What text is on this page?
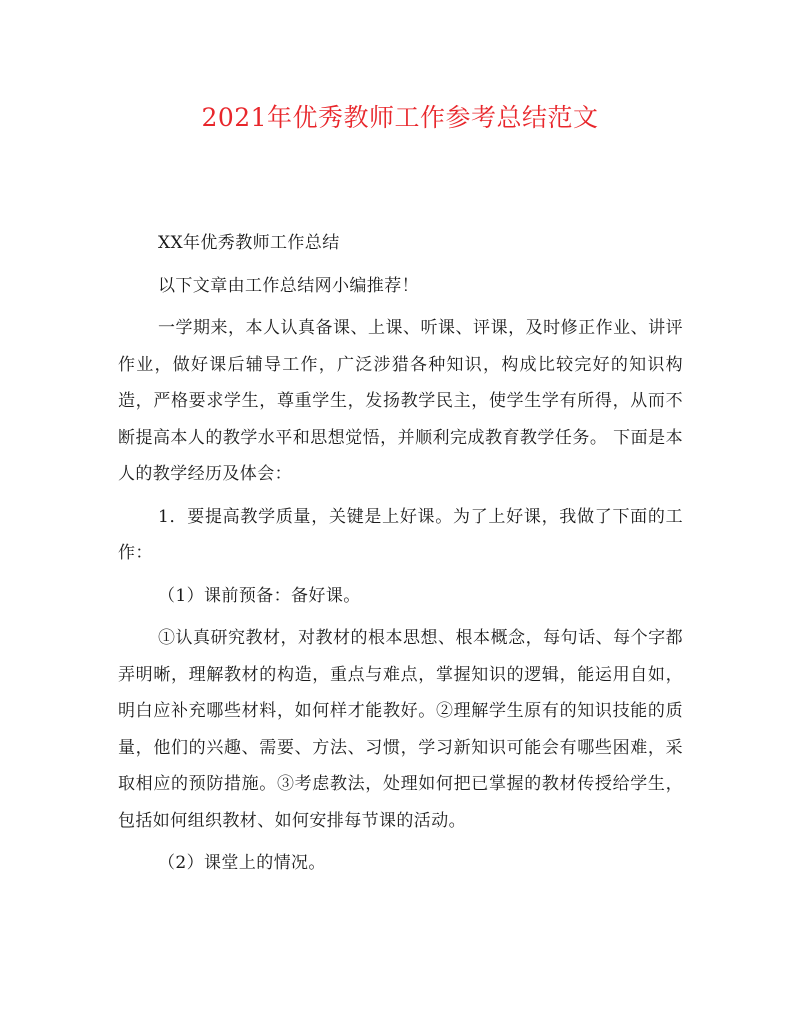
2021年优秀教师工作参考总结范文

XX年优秀教师工作总结

以下文章由工作总结网小编推荐！

一学期来，本人认真备课、上课、听课、评课，及时修正作业、讲评作业，做好课后辅导工作，广泛涉猎各种知识，构成比较完好的知识构造，严格要求学生，尊重学生，发扬教学民主，使学生学有所得，从而不断提高本人的教学水平和思想觉悟，并顺利完成教育教学任务。 下面是本人的教学经历及体会：

1．要提高教学质量，关键是上好课。为了上好课，我做了下面的工作：

（1）课前预备：备好课。

①认真研究教材，对教材的根本思想、根本概念，每句话、每个字都弄明晰，理解教材的构造，重点与难点，掌握知识的逻辑，能运用自如，明白应补充哪些材料，如何样才能教好。②理解学生原有的知识技能的质量，他们的兴趣、需要、方法、习惯，学习新知识可能会有哪些困难，采取相应的预防措施。③考虑教法，处理如何把已掌握的教材传授给学生，包括如何组织教材、如何安排每节课的活动。

（2）课堂上的情况。
